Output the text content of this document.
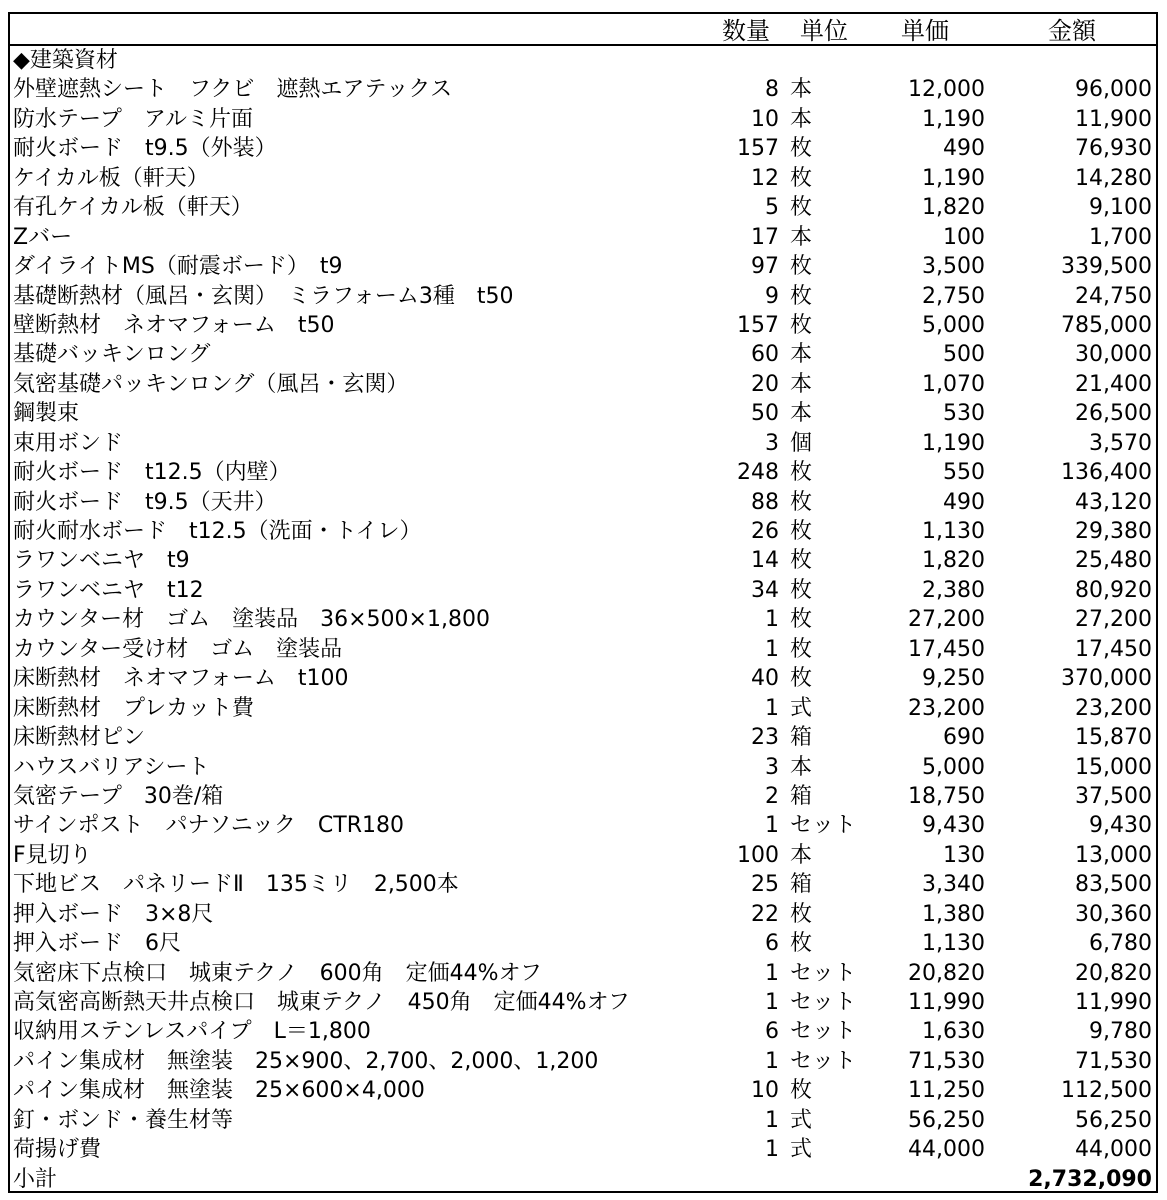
数量 単位 単価	金額
◆建築資材
外壁遮熱シート　フクビ　遮熱エアテックス	8 本	12,000	96,000
防水テープ　アルミ片面	10 本	1,190	11,900
耐火ボード　t9.5（外装）	157 枚	490	76,930
ケイカル板（軒天）	12 枚	1,190	14,280
有孔ケイカル板（軒天）	5 枚	1,820	9,100
Zバー	17 本	100	1,700
ダイライトMS（耐震ボード）　t9	97 枚	3,500	339,500
基礎断熱材（風呂・玄関）　ミラフォーム3種　t50	9 枚	2,750	24,750
壁断熱材　ネオマフォーム　t50	157 枚	5,000	785,000
基礎バッキンロング	60 本	500	30,000
気密基礎パッキンロング（風呂・玄関）	20 本	1,070	21,400
鋼製束	50 本	530	26,500
束用ボンド	3 個	1,190	3,570
耐火ボード　t12.5（内壁）	248 枚	550	136,400
耐火ボード　t9.5（天井）	88 枚	490	43,120
耐火耐水ボード　t12.5（洗面・トイレ）	26 枚	1,130	29,380
ラワンベニヤ　t9	14 枚	1,820	25,480
ラワンベニヤ　t12	34 枚	2,380	80,920
カウンター材　ゴム　塗装品　36×500×1,800	1 枚	27,200	27,200
カウンター受け材　ゴム　塗装品	1 枚	17,450	17,450
床断熱材　ネオマフォーム　t100	40 枚	9,250	370,000
床断熱材　プレカット費	1 式	23,200	23,200
床断熱材ピン	23 箱	690	15,870
ハウスバリアシート	3 本	5,000	15,000
気密テープ　30巻/箱	2 箱	18,750	37,500
サインポスト　パナソニック　CTR180	1 セット	9,430	9,430
F見切り	100 本	130	13,000
下地ビス　パネリードⅡ　135ミリ　2,500本	25 箱	3,340	83,500
押入ボード　3×8尺	22 枚	1,380	30,360
押入ボード　6尺	6 枚	1,130	6,780
気密床下点検口　城東テクノ　600角　定価44%オフ	1 セット 20,820	20,820
高気密高断熱天井点検口　城東テクノ　450角　定価44%オフ	1 セット 11,990	11,990
収納用ステンレスパイプ　L＝1,800	6 セット	1,630	9,780
パイン集成材　無塗装　25×900、2,700、2,000、1,200	1 セット 71,530	71,530
パイン集成材　無塗装　25×600×4,000	10 枚	11,250	112,500
釘・ボンド・養生材等	1 式	56,250	56,250
荷揚げ費	1 式	44,000	44,000
小計	2,732,090
